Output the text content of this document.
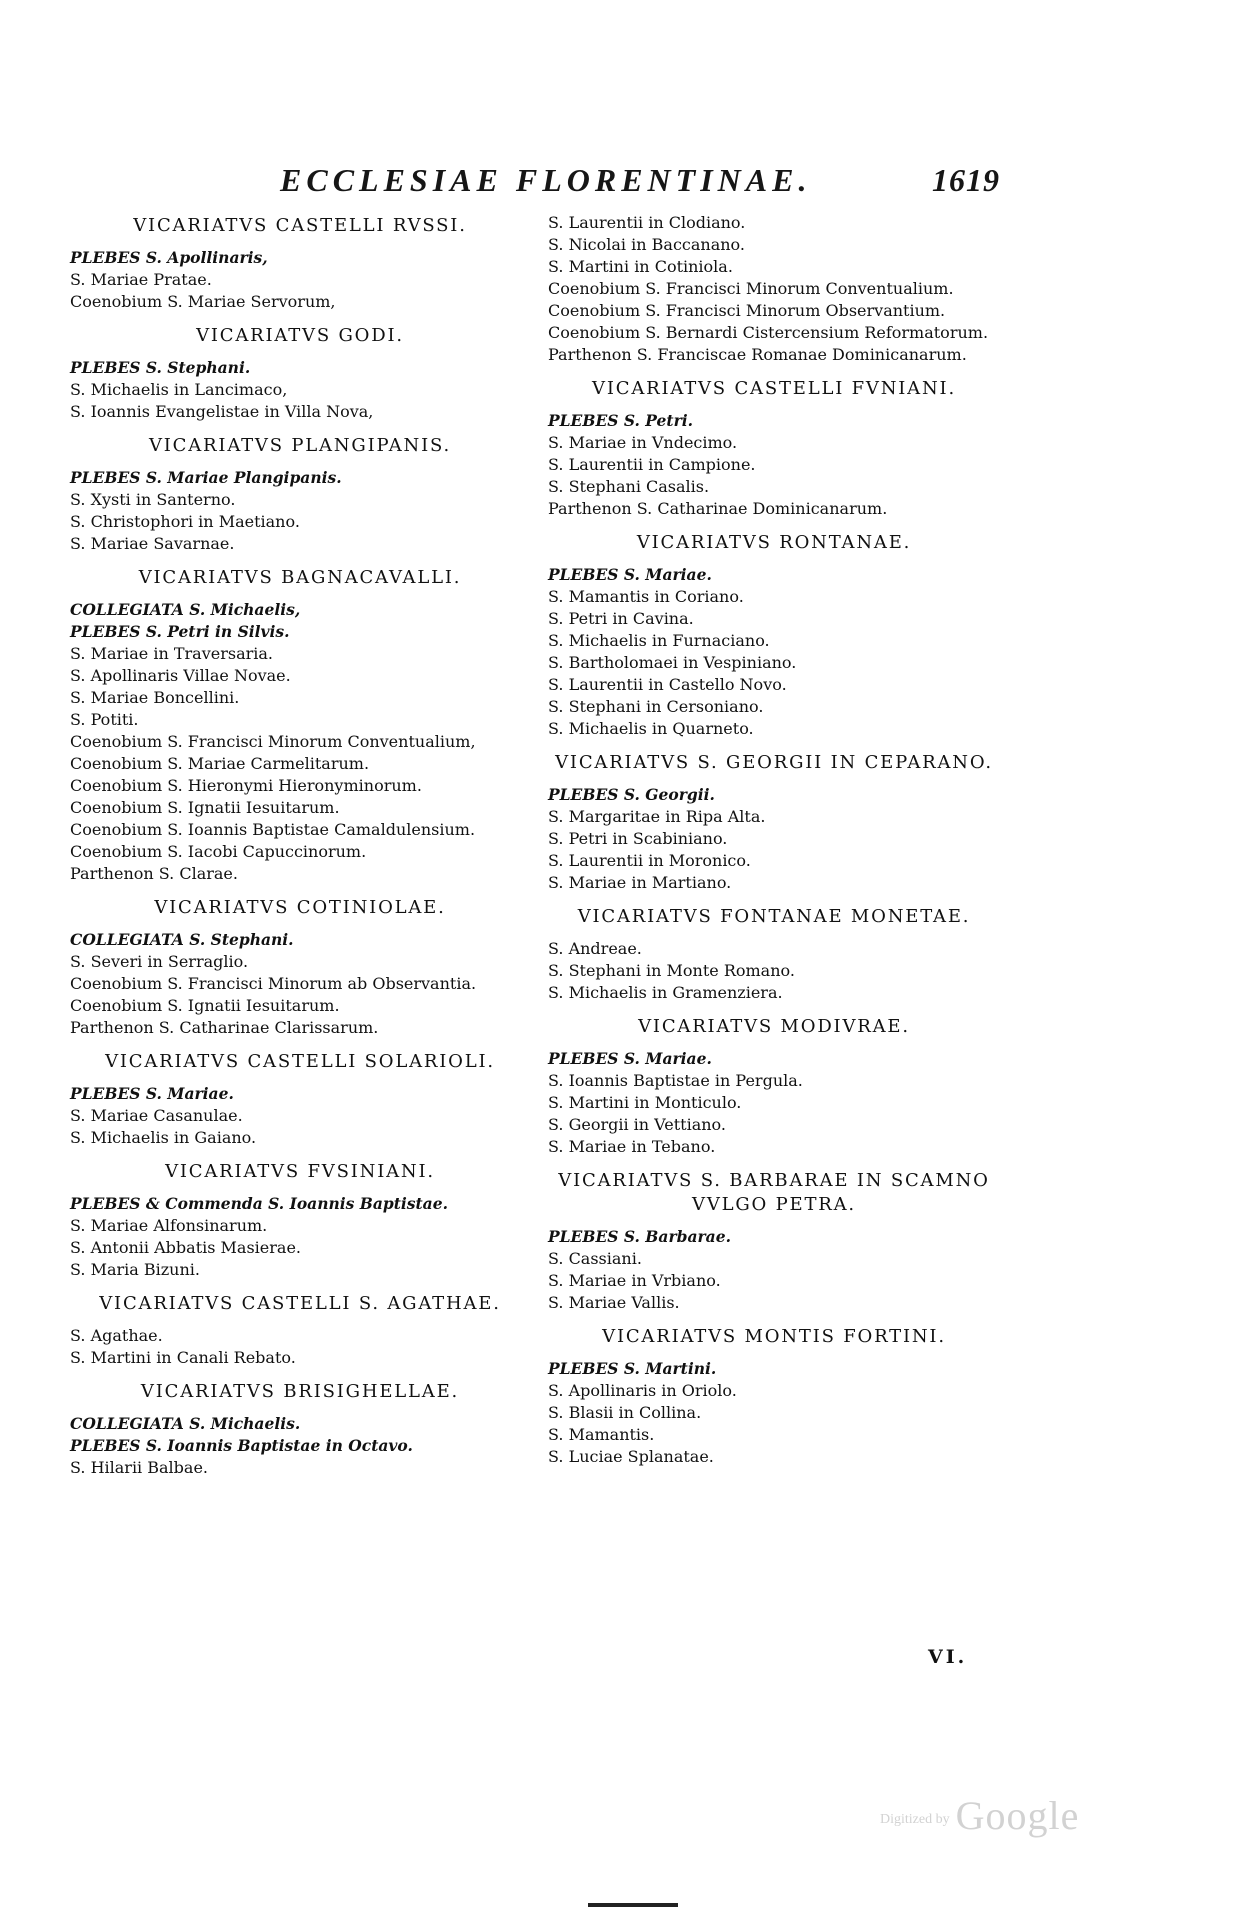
ECCLESIAE FLORENTINAE.	1619
VICARIATVS CASTELLI RVSSI.
PLEBES S. Apollinaris,
S. Mariae Pratae.
Coenobium S. Mariae Servorum,
VICARIATVS GODI.
PLEBES S. Stephani.
S. Michaelis in Lancimaco,
S. Ioannis Evangelistae in Villa Nova,
VICARIATVS PLANGIPANIS.
PLEBES S. Mariae Plangipanis.
S. Xysti in Santerno.
S. Christophori in Maetiano.
S. Mariae Savarnae.
VICARIATVS BAGNACAVALLI.
COLLEGIATA S. Michaelis,
PLEBES S. Petri in Silvis.
S. Mariae in Traversaria.
S. Apollinaris Villae Novae.
S. Mariae Boncellini.
S. Potiti.
Coenobium S. Francisci Minorum Conventualium,
Coenobium S. Mariae Carmelitarum.
Coenobium S. Hieronymi Hieronyminorum.
Coenobium S. Ignatii Iesuitarum.
Coenobium S. Ioannis Baptistae Camaldulensium.
Coenobium S. Iacobi Capuccinorum.
Parthenon S. Clarae.
VICARIATVS COTINIOLAE.
COLLEGIATA S. Stephani.
S. Severi in Serraglio.
Coenobium S. Francisci Minorum ab Observantia.
Coenobium S. Ignatii Iesuitarum.
Parthenon S. Catharinae Clarissarum.
VICARIATVS CASTELLI SOLARIOLI.
PLEBES S. Mariae.
S. Mariae Casanulae.
S. Michaelis in Gaiano.
VICARIATVS FVSINIANI.
PLEBES & Commenda S. Ioannis Baptistae.
S. Mariae Alfonsinarum.
S. Antonii Abbatis Masierae.
S. Maria Bizuni.
VICARIATVS CASTELLI S. AGATHAE.
S. Agathae.
S. Martini in Canali Rebato.
VICARIATVS BRISIGHELLAE.
COLLEGIATA S. Michaelis.
PLEBES S. Ioannis Baptistae in Octavo.
S. Hilarii Balbae.
S. Laurentii in Clodiano.
S. Nicolai in Baccanano.
S. Martini in Cotiniola.
Coenobium S. Francisci Minorum Conventualium.
Coenobium S. Francisci Minorum Observantium.
Coenobium S. Bernardi Cistercensium Reformatorum.
Parthenon S. Franciscae Romanae Dominicanarum.
VICARIATVS CASTELLI FVNIANI.
PLEBES S. Petri.
S. Mariae in Vndecimo.
S. Laurentii in Campione.
S. Stephani Casalis.
Parthenon S. Catharinae Dominicanarum.
VICARIATVS RONTANAE.
PLEBES S. Mariae.
S. Mamantis in Coriano.
S. Petri in Cavina.
S. Michaelis in Furnaciano.
S. Bartholomaei in Vespiniano.
S. Laurentii in Castello Novo.
S. Stephani in Cersoniano.
S. Michaelis in Quarneto.
VICARIATVS S. GEORGII IN CEPARANO.
PLEBES S. Georgii.
S. Margaritae in Ripa Alta.
S. Petri in Scabiniano.
S. Laurentii in Moronico.
S. Mariae in Martiano.
VICARIATVS FONTANAE MONETAE.
S. Andreae.
S. Stephani in Monte Romano.
S. Michaelis in Gramenziera.
VICARIATVS MODIVRAE.
PLEBES S. Mariae.
S. Ioannis Baptistae in Pergula.
S. Martini in Monticulo.
S. Georgii in Vettiano.
S. Mariae in Tebano.
VICARIATVS S. BARBARAE IN SCAMNO VVLGO PETRA.
PLEBES S. Barbarae.
S. Cassiani.
S. Mariae in Vrbiano.
S. Mariae Vallis.
VICARIATVS MONTIS FORTINI.
PLEBES S. Martini.
S. Apollinaris in Oriolo.
S. Blasii in Collina.
S. Mamantis.
S. Luciae Splanatae.
VI.
Digitized by Google
